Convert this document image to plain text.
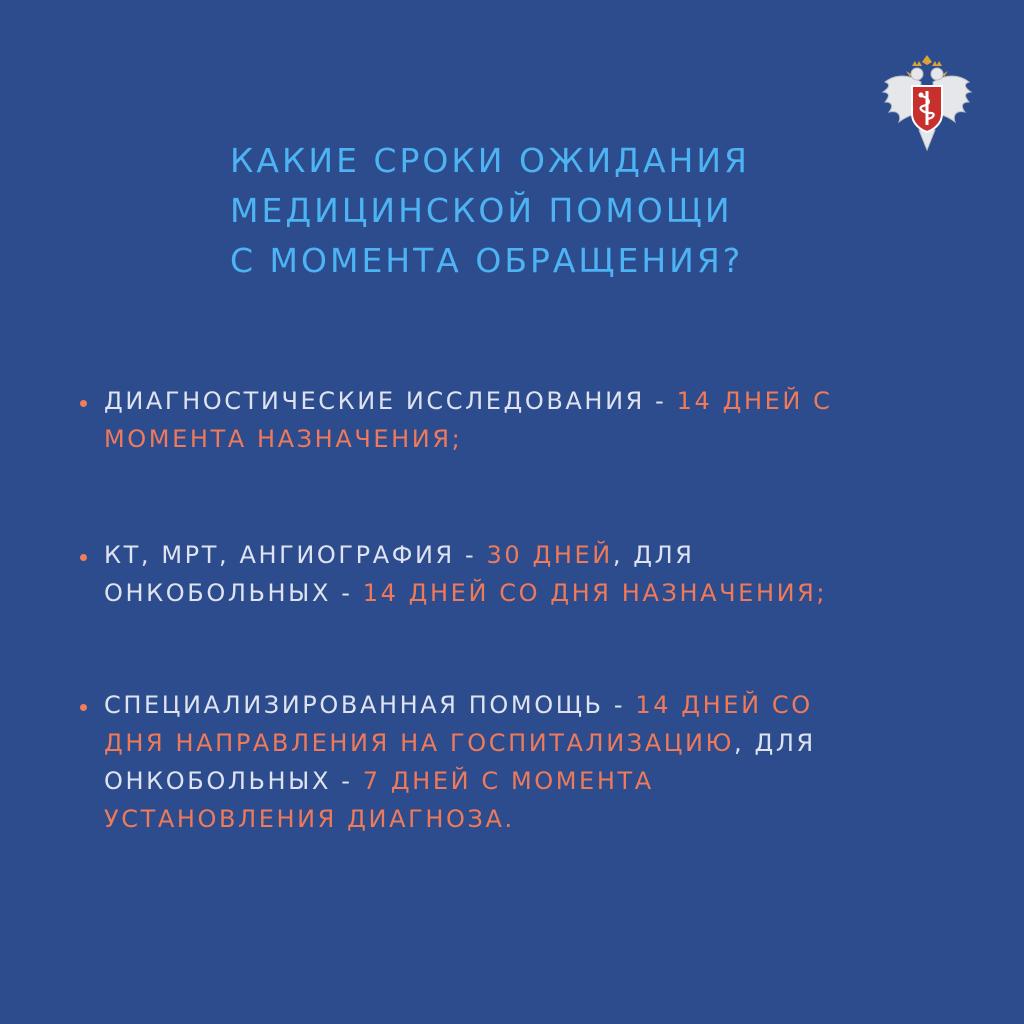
КАКИЕ СРОКИ ОЖИДАНИЯ
МЕДИЦИНСКОЙ ПОМОЩИ
С МОМЕНТА ОБРАЩЕНИЯ?
ДИАГНОСТИЧЕСКИЕ ИССЛЕДОВАНИЯ - 14 ДНЕЙ С
МОМЕНТА НАЗНАЧЕНИЯ;
КТ, МРТ, АНГИОГРАФИЯ - 30 ДНЕЙ, ДЛЯ
ОНКОБОЛЬНЫХ - 14 ДНЕЙ СО ДНЯ НАЗНАЧЕНИЯ;
СПЕЦИАЛИЗИРОВАННАЯ ПОМОЩЬ - 14 ДНЕЙ СО
ДНЯ НАПРАВЛЕНИЯ НА ГОСПИТАЛИЗАЦИЮ, ДЛЯ
ОНКОБОЛЬНЫХ - 7 ДНЕЙ С МОМЕНТА
УСТАНОВЛЕНИЯ ДИАГНОЗА.
